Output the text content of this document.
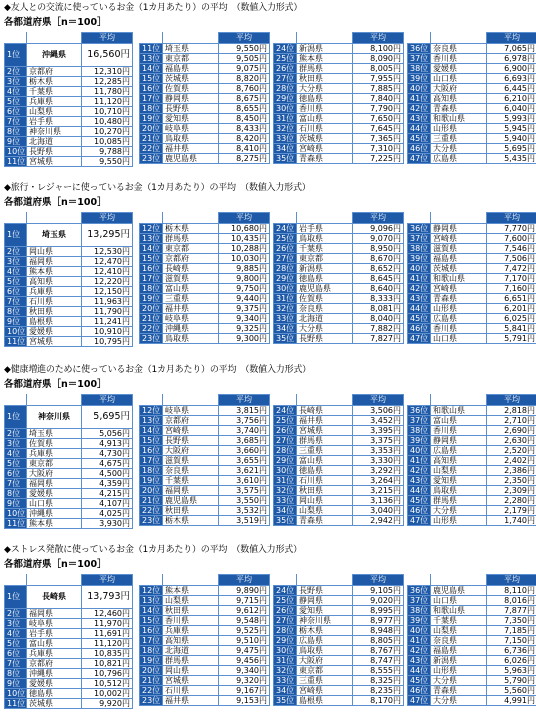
◆友人との交流に使っているお金（1カ月あたり）の平均　（数値入力形式）
各都道府県［n＝100］
		平均
1位	沖縄県	16,560円
2位	京都府	12,310円
3位	栃木県	12,285円
4位	千葉県	11,780円
5位	兵庫県	11,120円
6位	山梨県	10,710円
7位	岩手県	10,480円
8位	神奈川県	10,270円
9位	北海道	10,085円
10位	長野県	9,788円
11位	宮城県	9,550円
		平均
11位	埼玉県	9,550円
13位	東京都	9,505円
14位	福島県	9,075円
15位	茨城県	8,820円
16位	佐賀県	8,760円
17位	静岡県	8,675円
18位	長野県	8,655円
19位	愛知県	8,450円
20位	岐阜県	8,433円
21位	鳥取県	8,420円
22位	福井県	8,410円
23位	鹿児島県	8,275円
		平均
24位	新潟県	8,100円
25位	熊本県	8,090円
26位	群馬県	8,005円
27位	秋田県	7,955円
28位	大分県	7,885円
29位	徳島県	7,840円
30位	香川県	7,790円
31位	富山県	7,650円
32位	石川県	7,645円
33位	茨城県	7,365円
34位	宮崎県	7,310円
35位	青森県	7,225円
		平均
36位	奈良県	7,065円
37位	香川県	6,978円
38位	愛媛県	6,900円
39位	山口県	6,693円
40位	大阪府	6,445円
41位	高知県	6,210円
42位	青森県	6,040円
43位	和歌山県	5,993円
44位	山形県	5,945円
45位	三重県	5,940円
46位	大分県	5,695円
47位	広島県	5,435円
◆旅行・レジャーに使っているお金（1カ月あたり）の平均　（数値入力形式）
各都道府県［n＝100］
		平均
1位	埼玉県	13,295円
2位	岡山県	12,530円
3位	福岡県	12,470円
4位	熊本県	12,410円
5位	高知県	12,220円
6位	兵庫県	12,150円
7位	石川県	11,963円
8位	秋田県	11,790円
9位	島根県	11,241円
10位	愛媛県	10,910円
11位	宮城県	10,795円
		平均
12位	栃木県	10,680円
13位	群馬県	10,435円
14位	東京都	10,288円
15位	京都府	10,030円
16位	長崎県	9,885円
17位	滋賀県	9,800円
18位	富山県	9,750円
19位	三重県	9,440円
20位	福井県	9,375円
21位	岐阜県	9,340円
22位	沖縄県	9,325円
23位	鳥取県	9,300円
		平均
24位	岩手県	9,096円
25位	鳥取県	9,070円
26位	千葉県	8,950円
27位	東京都	8,670円
28位	新潟県	8,652円
29位	徳島県	8,645円
30位	鹿児島県	8,640円
31位	佐賀県	8,333円
32位	奈良県	8,081円
33位	北海道	8,040円
34位	大分県	7,882円
35位	長野県	7,827円
		平均
36位	静岡県	7,770円
37位	宮崎県	7,600円
38位	滋賀県	7,546円
39位	福島県	7,506円
40位	茨城県	7,472円
41位	和歌山県	7,170円
42位	宮崎県	7,160円
43位	青森県	6,651円
44位	山形県	6,201円
45位	広島県	6,025円
46位	香川県	5,841円
47位	山口県	5,791円
◆健康増進のために使っているお金（1カ月あたり）の平均　（数値入力形式）
各都道府県［n＝100］
		平均
1位	神奈川県	5,695円
2位	埼玉県	5,056円
3位	佐賀県	4,913円
4位	兵庫県	4,730円
5位	東京都	4,675円
6位	大阪府	4,500円
7位	福岡県	4,359円
8位	愛媛県	4,215円
9位	山口県	4,107円
10位	沖縄県	4,025円
11位	熊本県	3,930円
		平均
12位	岐阜県	3,815円
13位	京都府	3,756円
14位	宮崎県	3,740円
15位	長野県	3,685円
16位	大阪府	3,660円
17位	滋賀県	3,655円
18位	奈良県	3,621円
19位	千葉県	3,610円
20位	福岡県	3,575円
21位	鹿児島県	3,550円
22位	秋田県	3,532円
23位	栃木県	3,519円
		平均
24位	長崎県	3,506円
25位	福井県	3,452円
26位	宮城県	3,395円
27位	群馬県	3,375円
28位	三重県	3,353円
29位	富山県	3,330円
30位	徳島県	3,292円
31位	石川県	3,264円
32位	秋田県	3,215円
33位	岡山県	3,136円
34位	山梨県	3,040円
35位	青森県	2,942円
		平均
36位	和歌山県	2,818円
37位	富山県	2,710円
38位	香川県	2,690円
39位	静岡県	2,630円
40位	広島県	2,520円
41位	高知県	2,402円
42位	山梨県	2,386円
43位	愛知県	2,350円
44位	鳥取県	2,309円
45位	群馬県	2,280円
46位	大分県	2,179円
47位	山形県	1,740円
◆ストレス発散に使っているお金（1カ月あたり）の平均　（数値入力形式）
各都道府県［n＝100］
		平均
1位	長崎県	13,793円
2位	福岡県	12,460円
3位	岐阜県	11,970円
4位	岩手県	11,691円
5位	富山県	11,120円
6位	兵庫県	10,835円
7位	京都府	10,821円
8位	沖縄県	10,796円
9位	愛媛県	10,512円
10位	徳島県	10,002円
11位	茨城県	9,920円
		平均
12位	熊本県	9,890円
13位	山梨県	9,715円
14位	秋田県	9,612円
15位	香川県	9,548円
16位	兵庫県	9,525円
17位	高知県	9,510円
18位	北海道	9,475円
19位	群馬県	9,456円
20位	岡山県	9,340円
21位	宮城県	9,320円
22位	石川県	9,167円
23位	福井県	9,153円
		平均
24位	長野県	9,105円
25位	静岡県	9,020円
26位	愛知県	8,995円
27位	神奈川県	8,977円
28位	栃木県	8,948円
29位	広島県	8,805円
30位	鳥取県	8,767円
31位	大阪府	8,747円
32位	東京都	8,555円
33位	三重県	8,325円
34位	宮崎県	8,235円
35位	島根県	8,170円
		平均
36位	鹿児島県	8,110円
37位	山口県	8,016円
38位	和歌山県	7,877円
39位	千葉県	7,350円
40位	山梨県	7,185円
41位	奈良県	7,150円
42位	福島県	6,736円
43位	新潟県	6,026円
44位	山形県	5,963円
45位	大分県	5,790円
46位	青森県	5,560円
47位	大分県	4,991円
